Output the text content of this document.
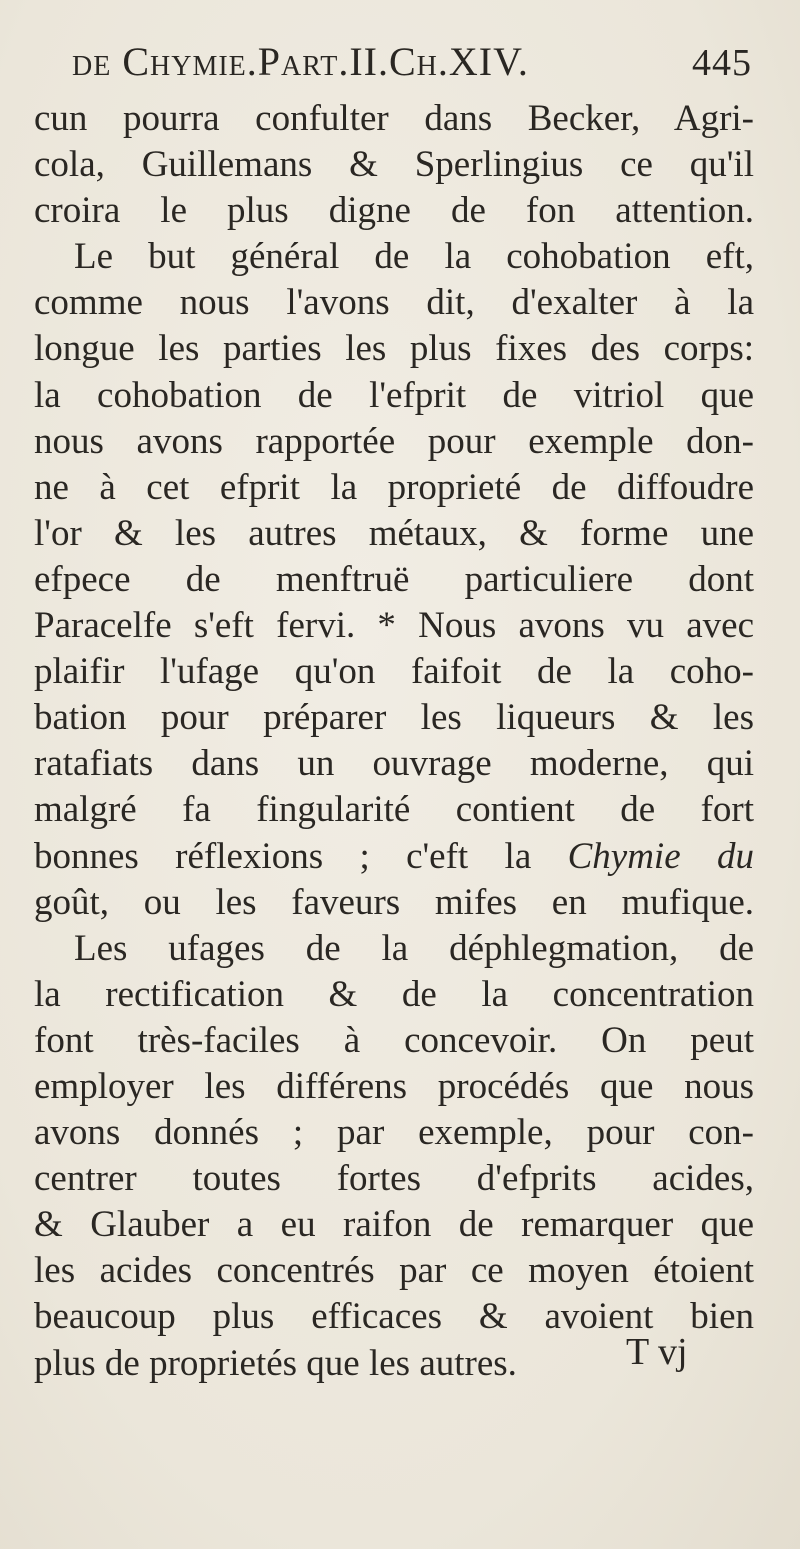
de Chymie.Part.II.Ch.XIV.	445
cun pourra confulter dans Becker, Agri-
cola, Guillemans & Sperlingius ce qu'il
croira le plus digne de fon attention.
Le but général de la cohobation eft,
comme nous l'avons dit, d'exalter à la
longue les parties les plus fixes des corps:
la cohobation de l'efprit de vitriol que
nous avons rapportée pour exemple don-
ne à cet efprit la proprieté de diffoudre
l'or & les autres métaux, & forme une
efpece de menftruë particuliere dont
Paracelfe s'eft fervi. * Nous avons vu avec
plaifir l'ufage qu'on faifoit de la coho-
bation pour préparer les liqueurs & les
ratafiats dans un ouvrage moderne, qui
malgré fa fingularité contient de fort
bonnes réflexions ; c'eft la Chymie du
goût, ou les faveurs mifes en mufique.
Les ufages de la déphlegmation, de
la rectification & de la concentration
font très-faciles à concevoir. On peut
employer les différens procédés que nous
avons donnés ; par exemple, pour con-
centrer toutes fortes d'efprits acides,
& Glauber a eu raifon de remarquer que
les acides concentrés par ce moyen étoient
beaucoup plus efficaces & avoient bien
plus de proprietés que les autres.	T vj
